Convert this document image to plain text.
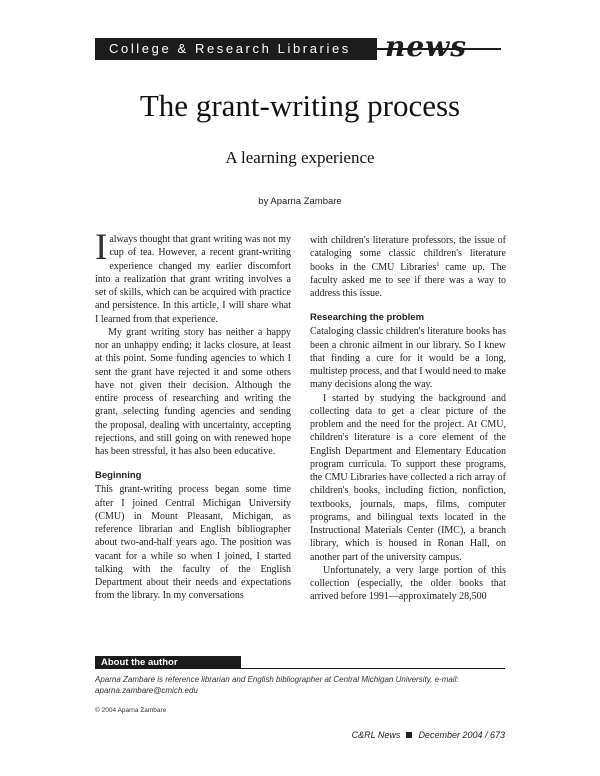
College & Research Libraries	news
The grant-writing process
A learning experience
by Aparna Zambare

Ialways thought that grant writing was not my cup of tea. However, a recent grant-writing experience changed my earlier discomfort into a realization that grant writing involves a set of skills, which can be acquired with practice and persistence. In this article, I will share what I learned from that experience.

My grant writing story has neither a happy nor an unhappy ending; it lacks closure, at least at this point. Some funding agencies to which I sent the grant have rejected it and some others have not given their decision. Although the entire process of researching and writing the grant, selecting funding agencies and sending the proposal, dealing with uncertainty, accepting rejections, and still going on with renewed hope has been stressful, it has also been educative.

Beginning

This grant-writing process began some time after I joined Central Michigan University (CMU) in Mount Pleasant, Michigan, as reference librarian and English bibliographer about two-and-half years ago. The position was vacant for a while so when I joined, I started talking with the faculty of the English Department about their needs and expectations from the library. In my conversations

with children's literature professors, the issue of cataloging some classic children's literature books in the CMU Libraries$^1$ came up. The faculty asked me to see if there was a way to address this issue.

Researching the problem

Cataloging classic children's literature books has been a chronic ailment in our library. So I knew that finding a cure for it would be a long, multistep process, and that I would need to make many decisions along the way.

I started by studying the background and collecting data to get a clear picture of the problem and the need for the project. At CMU, children's literature is a core element of the English Department and Elementary Education program curricula. To support these programs, the CMU Libraries have collected a rich array of children's books, including fiction, nonfiction, textbooks, journals, maps, films, computer programs, and bilingual texts located in the Instructional Materials Center (IMC), a branch library, which is housed in Ronan Hall, on another part of the university campus.

Unfortunately, a very large portion of this collection (especially, the older books that arrived before 1991—approximately 28,500

About the author
Aparna Zambare is reference librarian and English bibliographer at Central Michigan University, e-mail: aparna.zambare@cmich.edu
© 2004 Aparna Zambare
C&RL News December 2004 / 673
